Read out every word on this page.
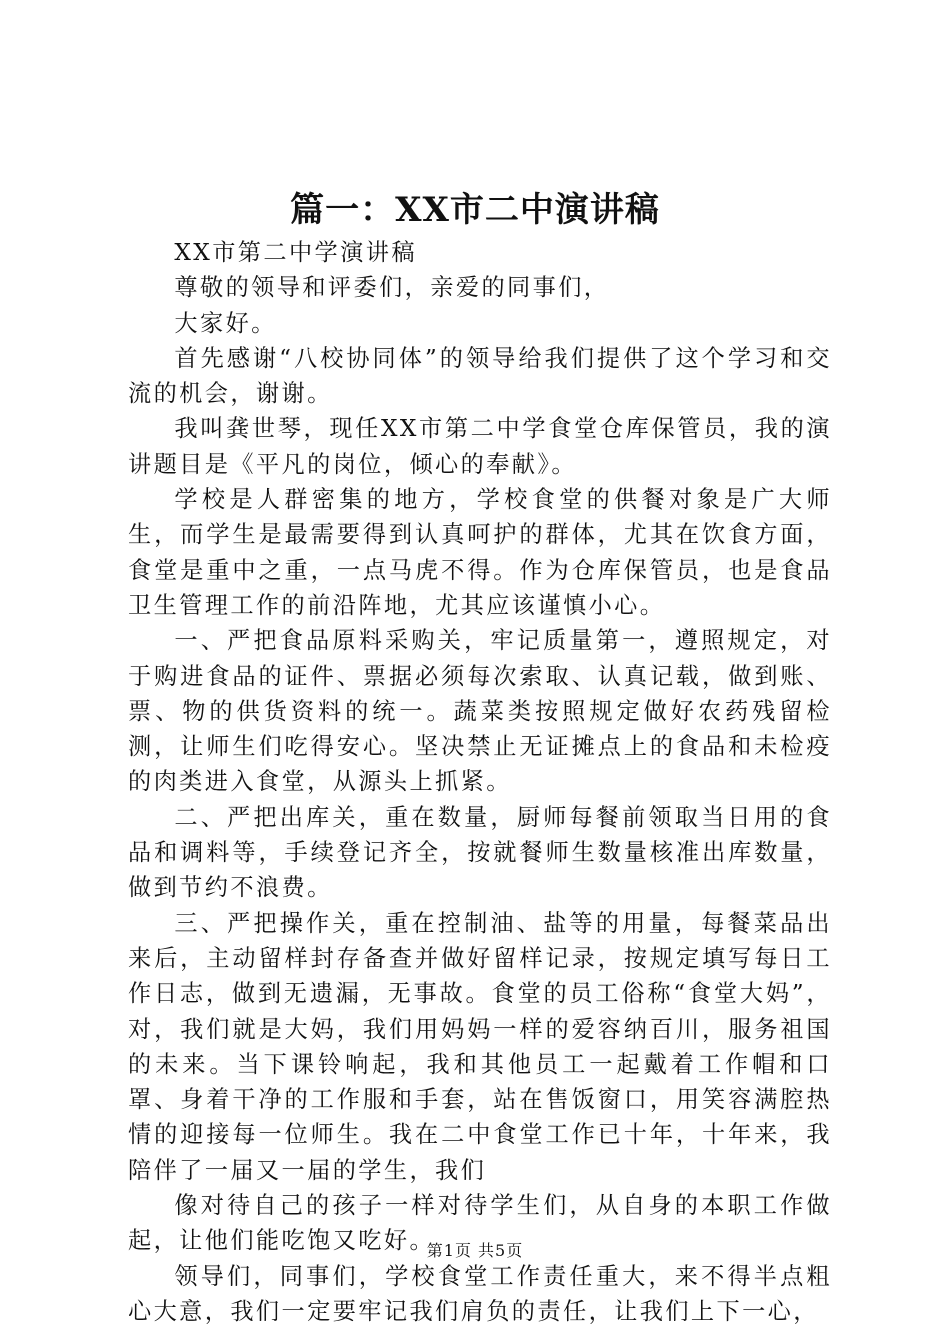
篇一：XX市二中演讲稿

XX市第二中学演讲稿

尊敬的领导和评委们，亲爱的同事们，

大家好。

首先感谢“八校协同体”的领导给我们提供了这个学习和交流的机会，谢谢。

我叫龚世琴，现任XX市第二中学食堂仓库保管员，我的演讲题目是《平凡的岗位，倾心的奉献》。

学校是人群密集的地方，学校食堂的供餐对象是广大师生，而学生是最需要得到认真呵护的群体，尤其在饮食方面，食堂是重中之重，一点马虎不得。作为仓库保管员，也是食品卫生管理工作的前沿阵地，尤其应该谨慎小心。

一、严把食品原料采购关，牢记质量第一，遵照规定，对于购进食品的证件、票据必须每次索取、认真记载，做到账、票、物的供货资料的统一。蔬菜类按照规定做好农药残留检测，让师生们吃得安心。坚决禁止无证摊点上的食品和未检疫的肉类进入食堂，从源头上抓紧。

二、严把出库关，重在数量，厨师每餐前领取当日用的食品和调料等，手续登记齐全，按就餐师生数量核准出库数量，做到节约不浪费。

三、严把操作关，重在控制油、盐等的用量，每餐菜品出来后，主动留样封存备查并做好留样记录，按规定填写每日工作日志，做到无遗漏，无事故。食堂的员工俗称“食堂大妈”，对，我们就是大妈，我们用妈妈一样的爱容纳百川，服务祖国的未来。当下课铃响起，我和其他员工一起戴着工作帽和口罩、身着干净的工作服和手套，站在售饭窗口，用笑容满腔热情的迎接每一位师生。我在二中食堂工作已十年，十年来，我陪伴了一届又一届的学生，我们

像对待自己的孩子一样对待学生们，从自身的本职工作做起，让他们能吃饱又吃好。

领导们，同事们，学校食堂工作责任重大，来不得半点粗心大意，我们一定要牢记我们肩负的责任，让我们上下一心，

第1页 共5页
